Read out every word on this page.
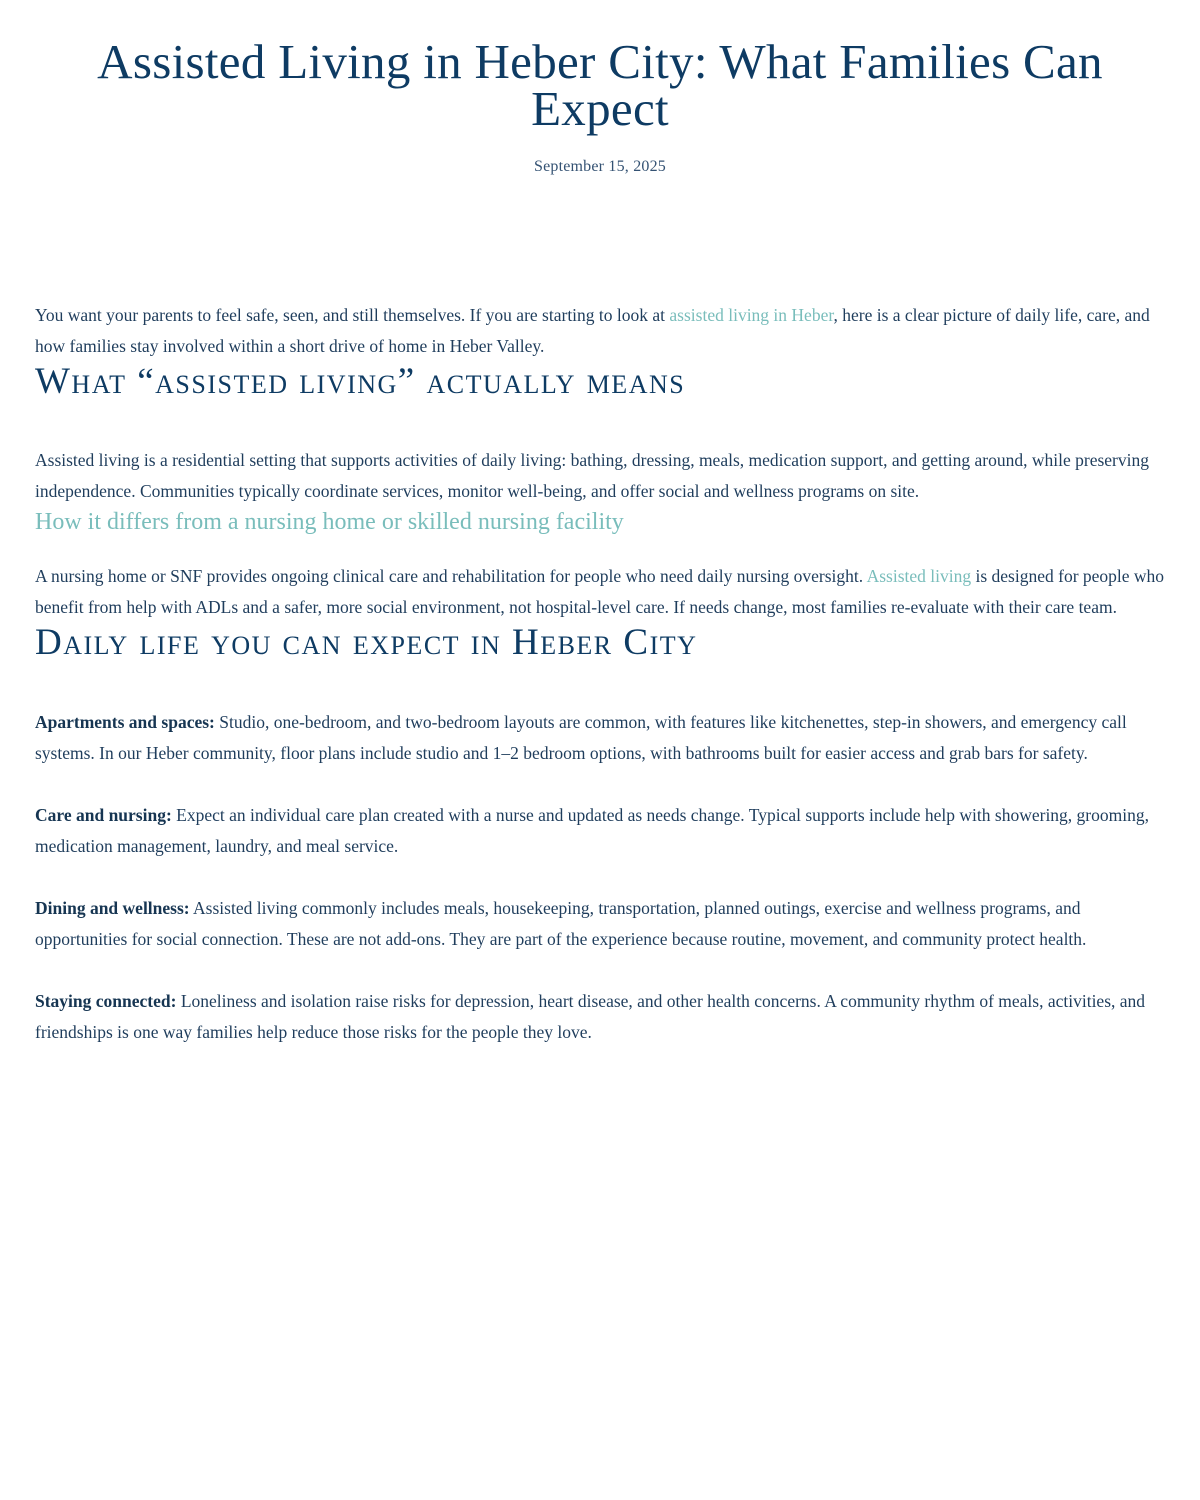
Assisted Living in Heber City: What Families Can Expect
September 15, 2025

You want your parents to feel safe, seen, and still themselves. If you are starting to look at assisted living in Heber, here is a clear picture of daily life, care, and how families stay involved within a short drive of home in Heber Valley.

What “assisted living” actually means

Assisted living is a residential setting that supports activities of daily living: bathing, dressing, meals, medication support, and getting around, while preserving independence. Communities typically coordinate services, monitor well-being, and offer social and wellness programs on site.

How it differs from a nursing home or skilled nursing facility

A nursing home or SNF provides ongoing clinical care and rehabilitation for people who need daily nursing oversight. Assisted living is designed for people who benefit from help with ADLs and a safer, more social environment, not hospital-level care. If needs change, most families re-evaluate with their care team.

Daily life you can expect in Heber City

Apartments and spaces: Studio, one-bedroom, and two-bedroom layouts are common, with features like kitchenettes, step-in showers, and emergency call systems. In our Heber community, floor plans include studio and 1–2 bedroom options, with bathrooms built for easier access and grab bars for safety.

Care and nursing: Expect an individual care plan created with a nurse and updated as needs change. Typical supports include help with showering, grooming, medication management, laundry, and meal service.

Dining and wellness: Assisted living commonly includes meals, housekeeping, transportation, planned outings, exercise and wellness programs, and opportunities for social connection. These are not add-ons. They are part of the experience because routine, movement, and community protect health.

Staying connected: Loneliness and isolation raise risks for depression, heart disease, and other health concerns. A community rhythm of meals, activities, and friendships is one way families help reduce those risks for the people they love.
